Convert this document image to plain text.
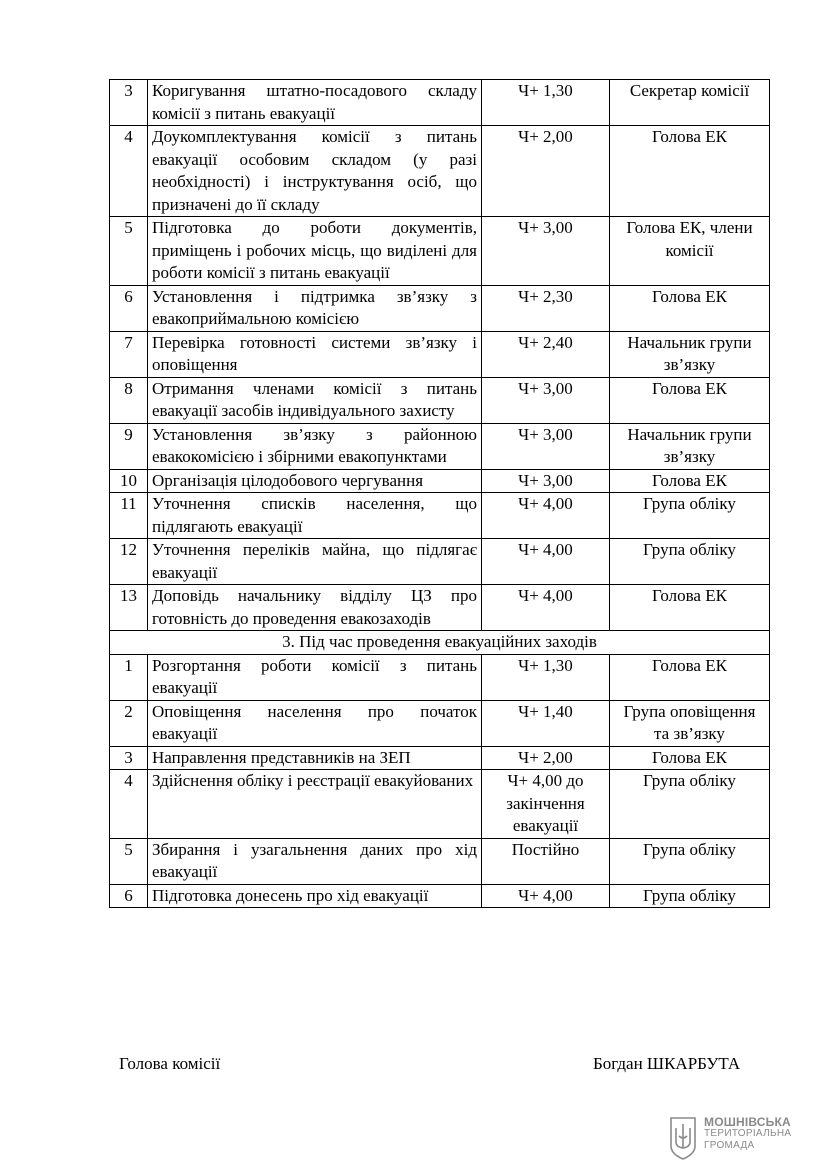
3	Коригування штатно-посадового складу комісії з питань евакуації	Ч+ 1,30	Секретар комісії
4	Доукомплектування комісії з питань евакуації особовим складом (у разі необхідності) і інструктування осіб, що призначені до її складу	Ч+ 2,00	Голова ЕК
5	Підготовка до роботи документів, приміщень і робочих місць, що виділені для роботи комісії з питань евакуації	Ч+ 3,00	Голова ЕК, члени комісії
6	Установлення і підтримка зв’язку з евакоприймальною комісією	Ч+ 2,30	Голова ЕК
7	Перевірка готовності системи зв’язку і оповіщення	Ч+ 2,40	Начальник групи зв’язку
8	Отримання членами комісії з питань евакуації засобів індивідуального захисту	Ч+ 3,00	Голова ЕК
9	Установлення зв’язку з районною евакокомісією і збірними евакопунктами	Ч+ 3,00	Начальник групи зв’язку
10	Організація цілодобового чергування	Ч+ 3,00	Голова ЕК
11	Уточнення списків населення, що підлягають евакуації	Ч+ 4,00	Група обліку
12	Уточнення переліків майна, що підлягає евакуації	Ч+ 4,00	Група обліку
13	Доповідь начальнику відділу ЦЗ про готовність до проведення евакозаходів	Ч+ 4,00	Голова ЕК
3. Під час проведення евакуаційних заходів			
1	Розгортання роботи комісії з питань евакуації	Ч+ 1,30	Голова ЕК
2	Оповіщення населення про початок евакуації	Ч+ 1,40	Група оповіщення та зв’язку
3	Направлення представників на ЗЕП	Ч+ 2,00	Голова ЕК
4	Здійснення обліку і реєстрації евакуйованих	Ч+ 4,00 до закінчення евакуації	Група обліку
5	Збирання і узагальнення даних про хід евакуації	Постійно	Група обліку
6	Підготовка донесень про хід евакуації	Ч+ 4,00	Група обліку
Голова комісії	Богдан ШКАРБУТА
МОШНІВСЬКА
ТЕРИТОРІАЛЬНА
ГРОМАДА
